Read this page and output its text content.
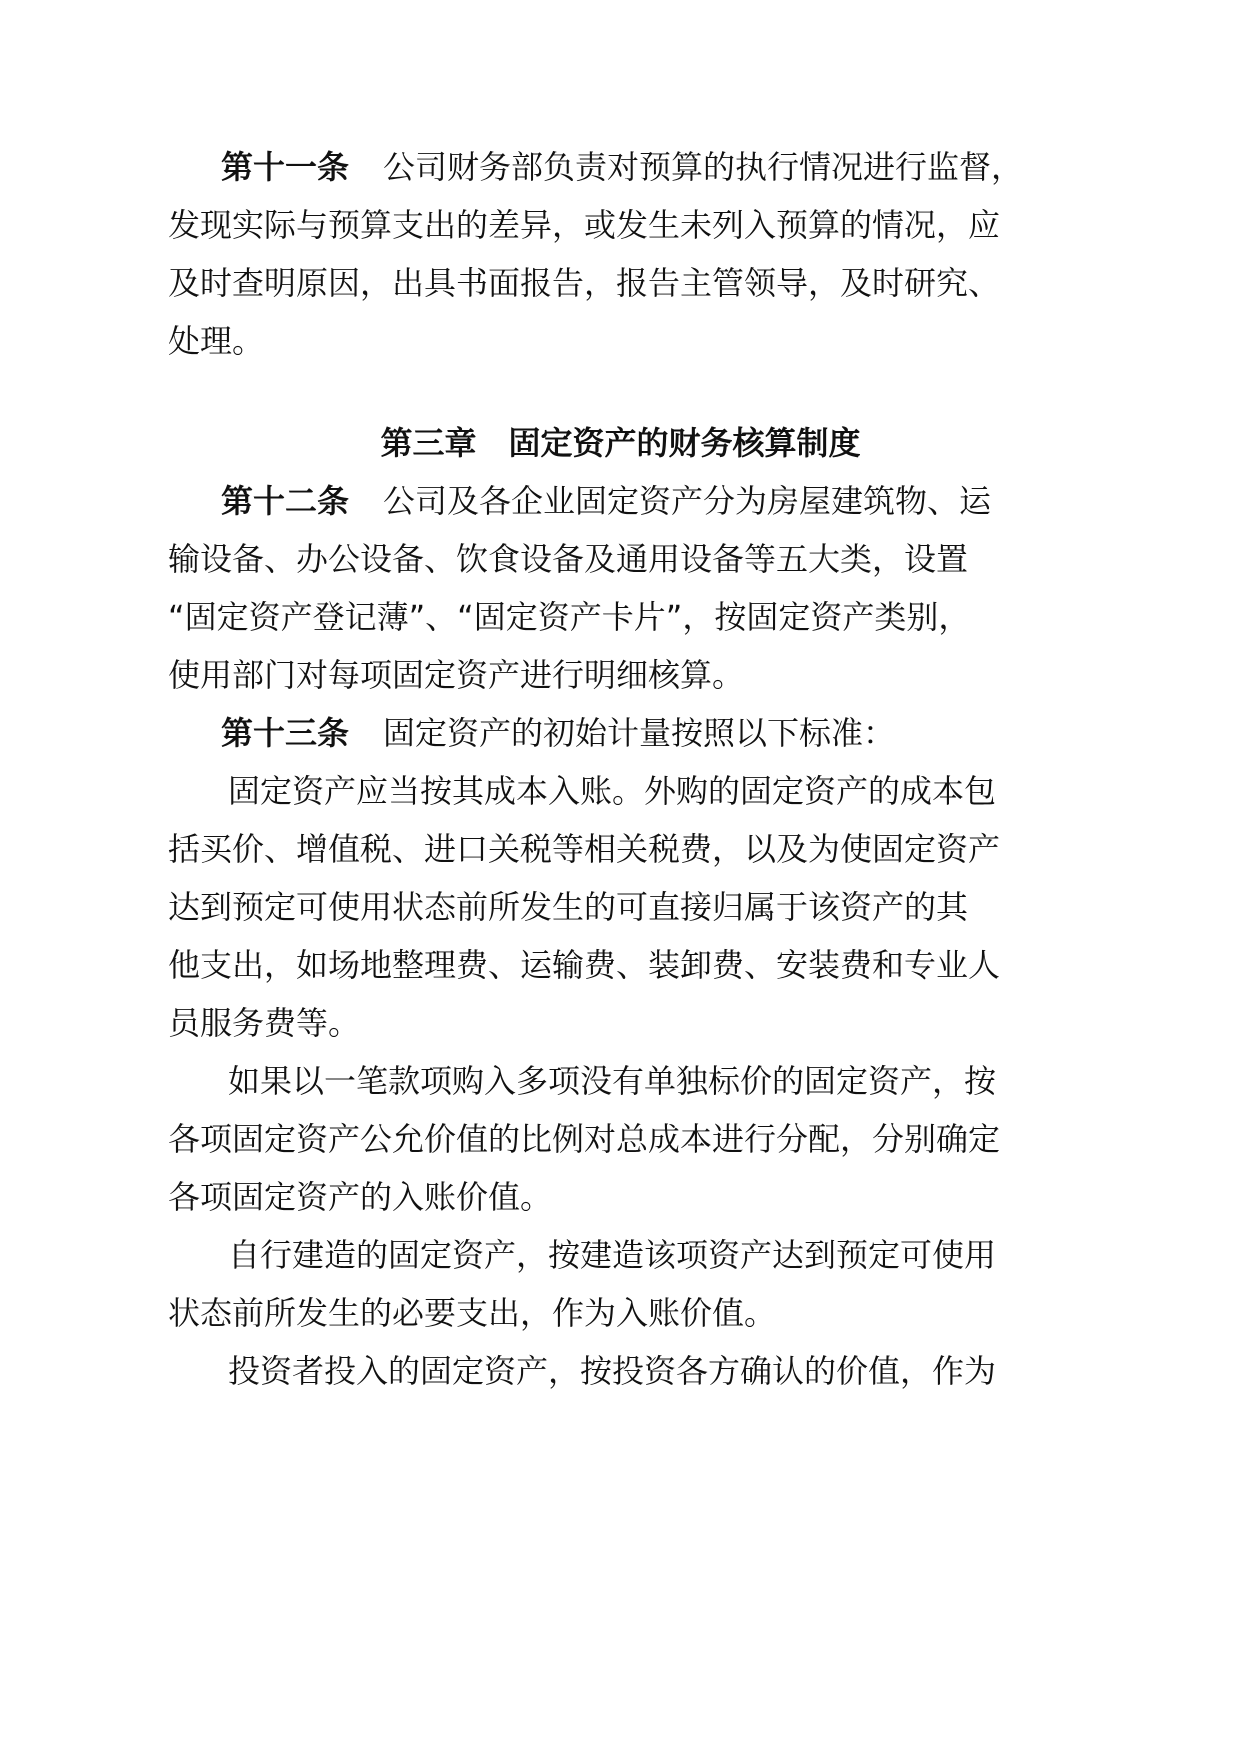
第十一条 公司财务部负责对预算的执行情况进行监督，
发现实际与预算支出的差异，或发生未列入预算的情况，应
及时查明原因，出具书面报告，报告主管领导，及时研究、
处理。
第三章　固定资产的财务核算制度
第十二条 公司及各企业固定资产分为房屋建筑物、运
输设备、办公设备、饮食设备及通用设备等五大类，设置
“固定资产登记薄”、“固定资产卡片”，按固定资产类别，
使用部门对每项固定资产进行明细核算。
第十三条 固定资产的初始计量按照以下标准：
固定资产应当按其成本入账。外购的固定资产的成本包
括买价、增值税、进口关税等相关税费，以及为使固定资产
达到预定可使用状态前所发生的可直接归属于该资产的其
他支出，如场地整理费、运输费、装卸费、安装费和专业人
员服务费等。
如果以一笔款项购入多项没有单独标价的固定资产，按
各项固定资产公允价值的比例对总成本进行分配，分别确定
各项固定资产的入账价值。
自行建造的固定资产，按建造该项资产达到预定可使用
状态前所发生的必要支出，作为入账价值。
投资者投入的固定资产，按投资各方确认的价值，作为
